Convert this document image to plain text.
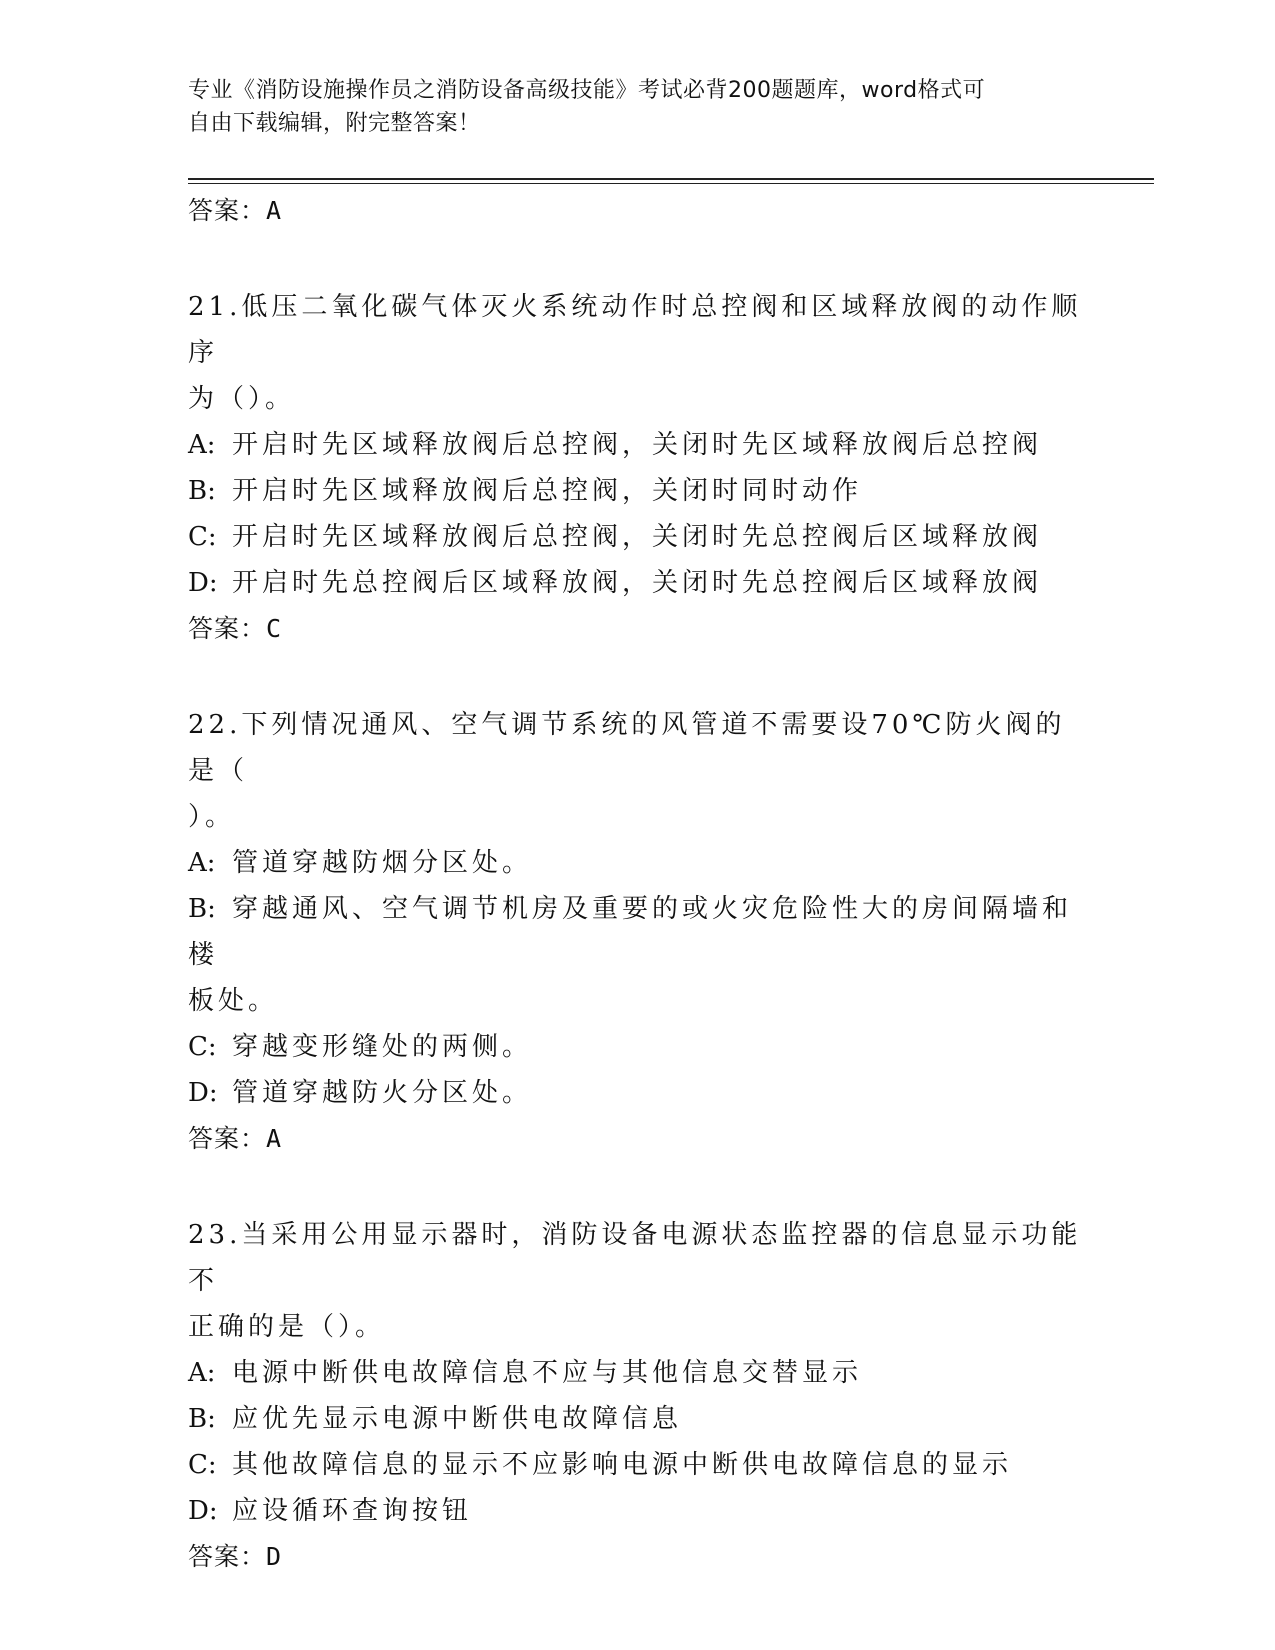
专业《消防设施操作员之消防设备高级技能》考试必背200题题库，word格式可
自由下载编辑，附完整答案！
答案：A
21.低压二氧化碳气体灭火系统动作时总控阀和区域释放阀的动作顺序
为（）。
A: 开启时先区域释放阀后总控阀，关闭时先区域释放阀后总控阀
B: 开启时先区域释放阀后总控阀，关闭时同时动作
C: 开启时先区域释放阀后总控阀，关闭时先总控阀后区域释放阀
D: 开启时先总控阀后区域释放阀，关闭时先总控阀后区域释放阀
答案：C
22.下列情况通风、空气调节系统的风管道不需要设70℃防火阀的是（
）。
A: 管道穿越防烟分区处。
B: 穿越通风、空气调节机房及重要的或火灾危险性大的房间隔墙和楼
板处。
C: 穿越变形缝处的两侧。
D: 管道穿越防火分区处。
答案：A
23.当采用公用显示器时，消防设备电源状态监控器的信息显示功能不
正确的是（）。
A: 电源中断供电故障信息不应与其他信息交替显示
B: 应优先显示电源中断供电故障信息
C: 其他故障信息的显示不应影响电源中断供电故障信息的显示
D: 应设循环查询按钮
答案：D
